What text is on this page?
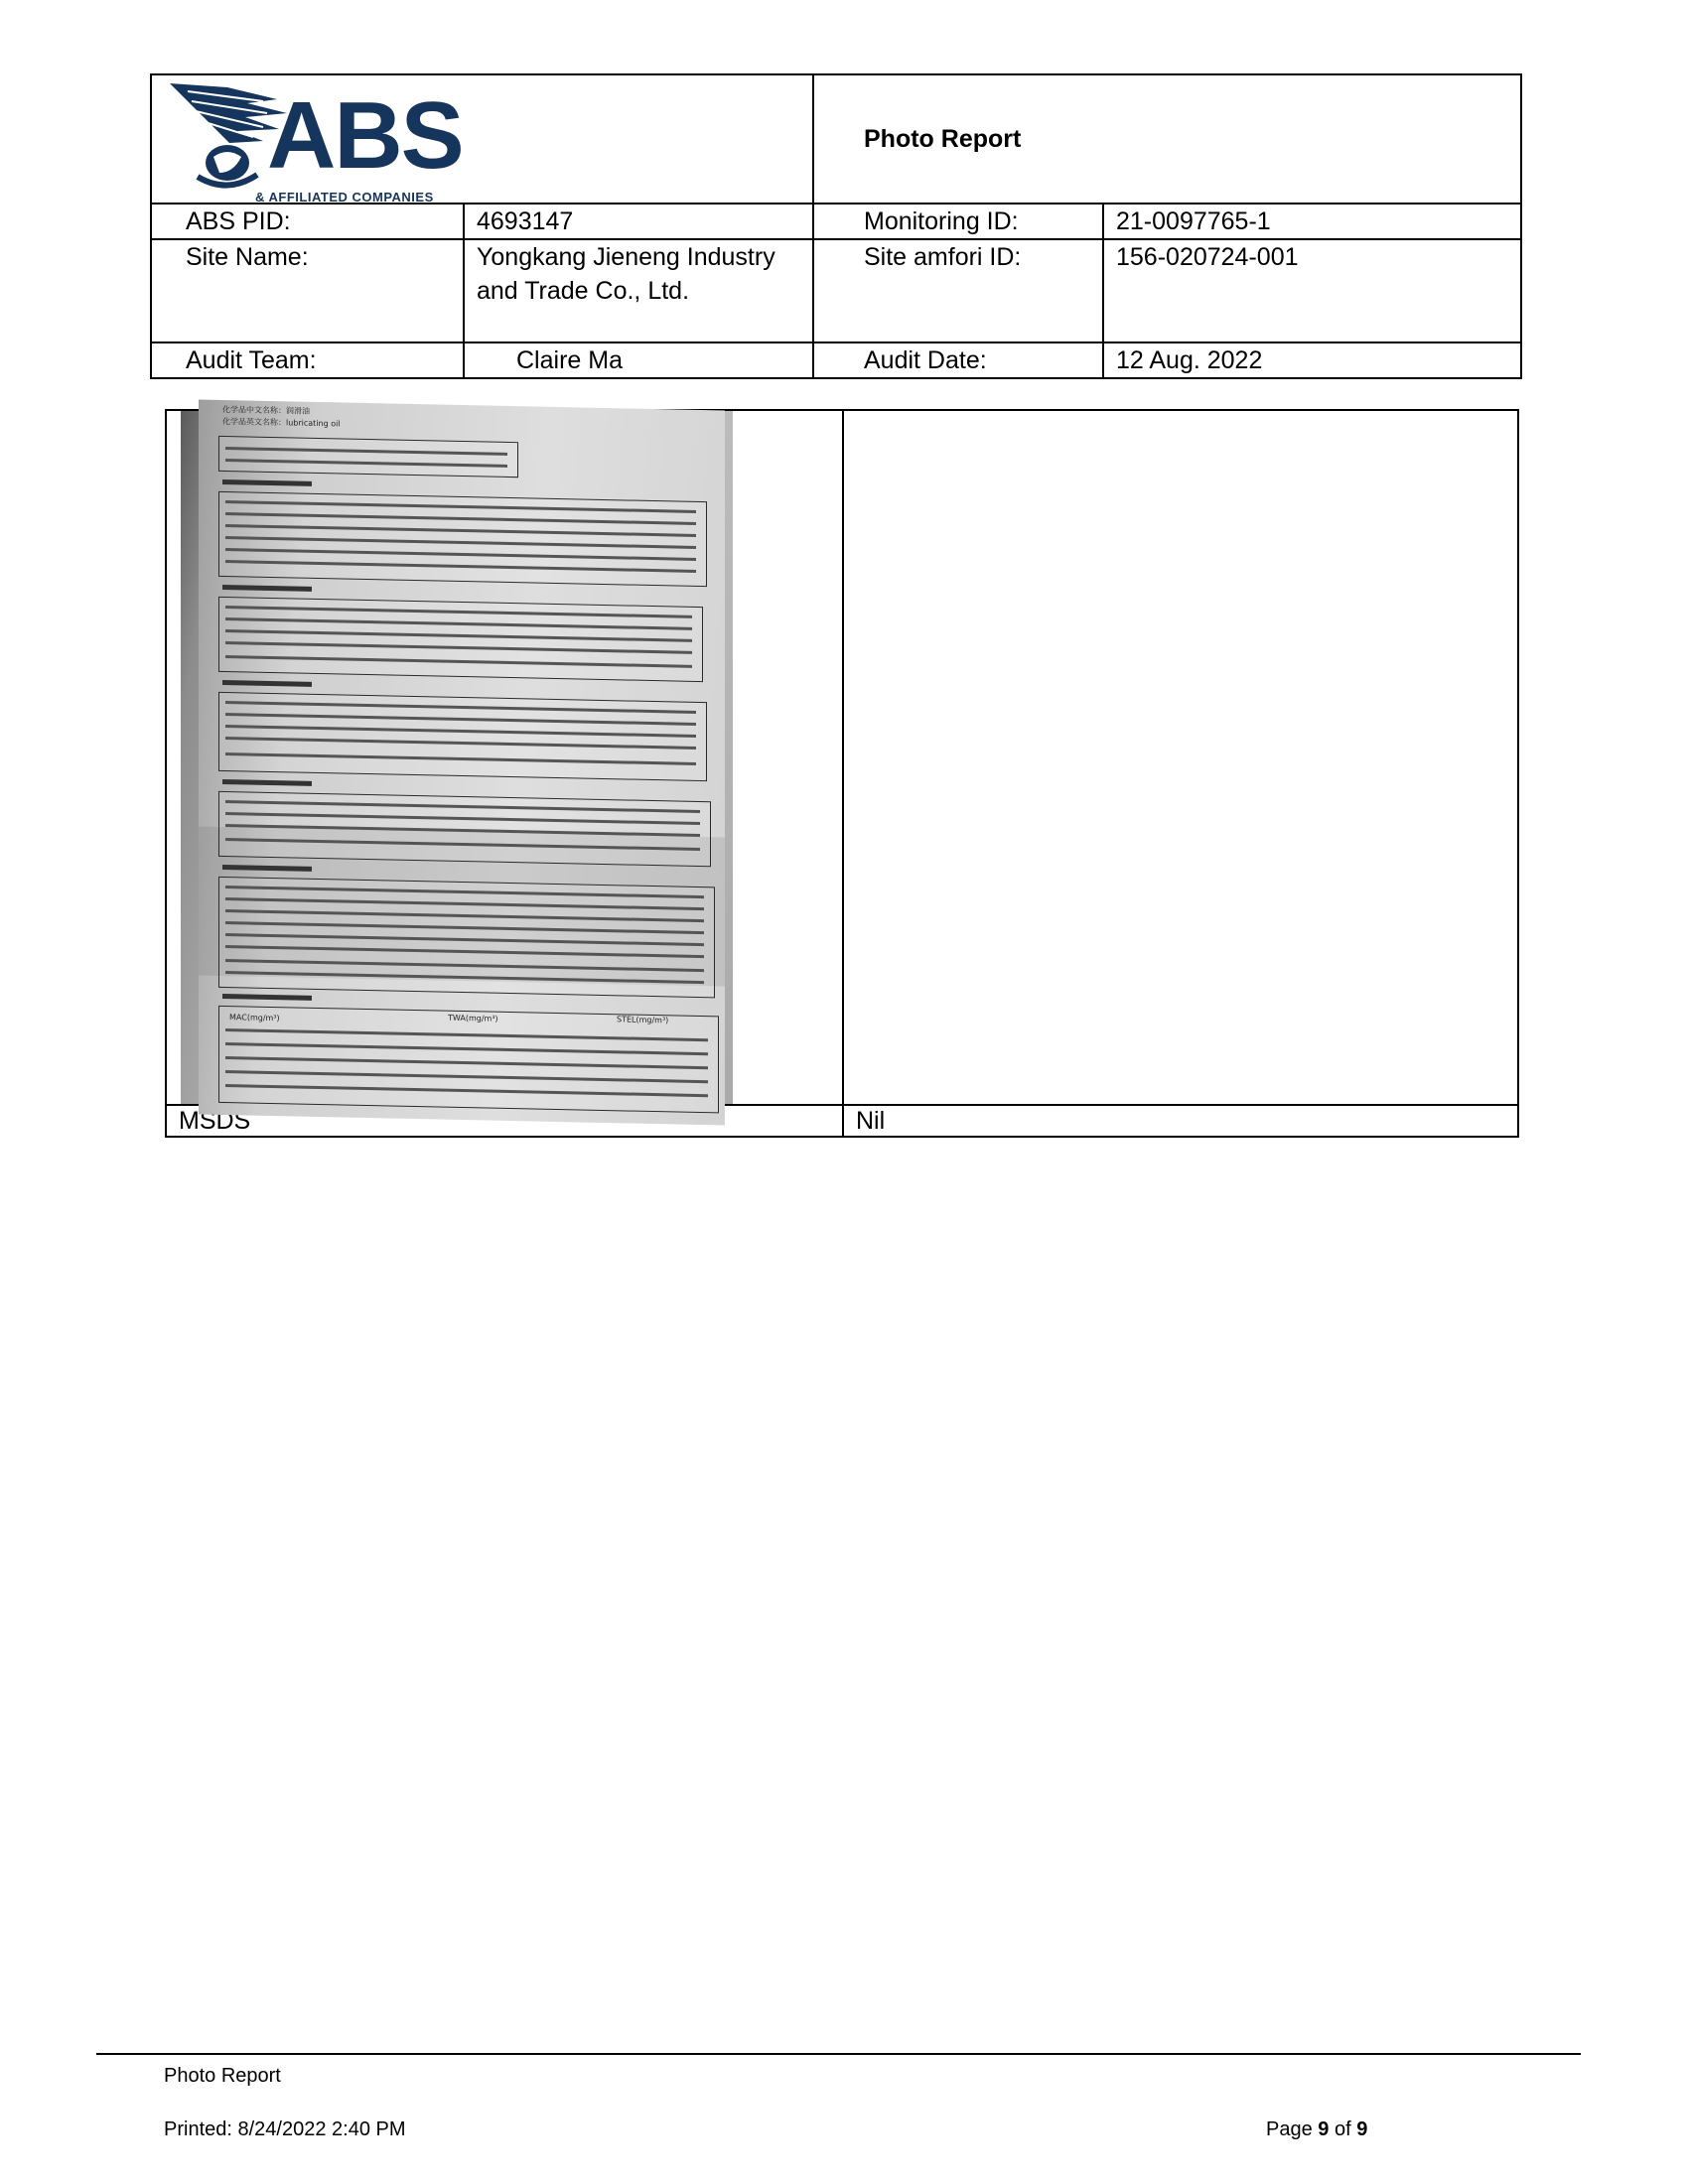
ABS
& AFFILIATED COMPANIES		Photo Report	
ABS PID:	4693147	Monitoring ID:	21-0097765-1
Site Name:	Yongkang Jieneng Industry and Trade Co., Ltd.	Site amfori ID:	156-020724-001
Audit Team:	Claire Ma	Audit Date:	12 Aug. 2022
化学品中文名称：润滑油
化学品英文名称：lubricating oil
MAC(mg/m³) TWA(mg/m³) STEL(mg/m³)	

MSDS	Nil
Photo Report
Printed: 8/24/2022 2:40 PM	Page 9 of 9
